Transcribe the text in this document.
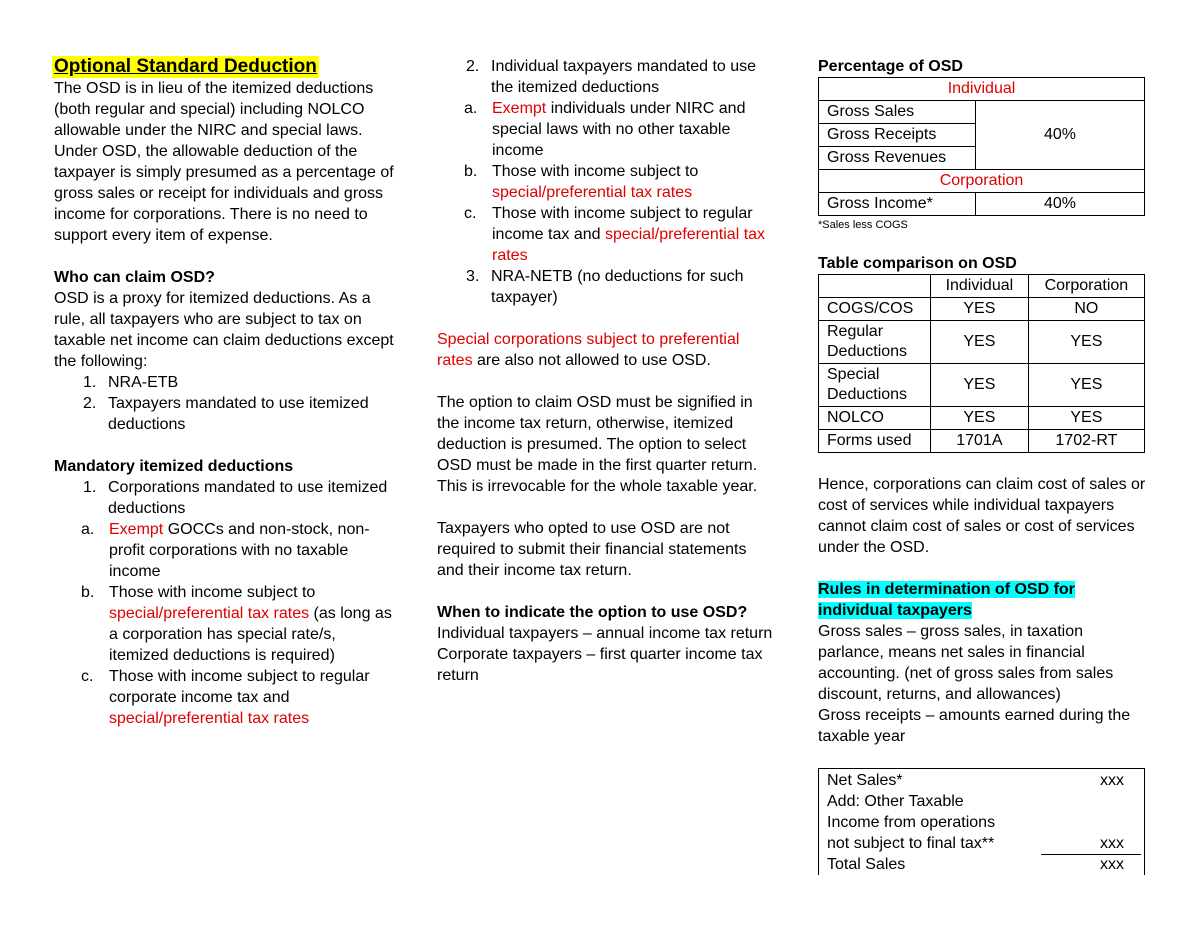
Optional Standard Deduction

The OSD is in lieu of the itemized deductions (both regular and special) including NOLCO allowable under the NIRC and special laws. Under OSD, the allowable deduction of the taxpayer is simply presumed as a percentage of gross sales or receipt for individuals and gross income for corporations. There is no need to support every item of expense.

Who can claim OSD?

OSD is a proxy for itemized deductions. As a rule, all taxpayers who are subject to tax on taxable net income can claim deductions except the following:

1. NRA-ETB
2. Taxpayers mandated to use itemized deductions

Mandatory itemized deductions

1. Corporations mandated to use itemized deductions
a. Exempt GOCCs and non-stock, non-profit corporations with no taxable income
b. Those with income subject to special/preferential tax rates (as long as a corporation has special rate/s, itemized deductions is required)
c. Those with income subject to regular corporate income tax and special/preferential tax rates
2. Individual taxpayers mandated to use the itemized deductions
a. Exempt individuals under NIRC and special laws with no other taxable income
b. Those with income subject to special/preferential tax rates
c. Those with income subject to regular income tax and special/preferential tax rates
3. NRA-NETB (no deductions for such taxpayer)

Special corporations subject to preferential rates are also not allowed to use OSD.

The option to claim OSD must be signified in the income tax return, otherwise, itemized deduction is presumed. The option to select OSD must be made in the first quarter return. This is irrevocable for the whole taxable year.

Taxpayers who opted to use OSD are not required to submit their financial statements and their income tax return.

When to indicate the option to use OSD?

Individual taxpayers – annual income tax return

Corporate taxpayers – first quarter income tax return

Percentage of OSD

Individual	
Gross Sales	40%
Gross Receipts	
Gross Revenues	
Corporation	
Gross Income*	40%

*Sales less COGS

Table comparison on OSD

	Individual	Corporation
COGS/COS	YES	NO
Regular Deductions	YES	YES
Special Deductions	YES	YES
NOLCO	YES	YES
Forms used	1701A	1702-RT

Hence, corporations can claim cost of sales or cost of services while individual taxpayers cannot claim cost of sales or cost of services under the OSD.

Rules in determination of OSD for individual taxpayers

Gross sales – gross sales, in taxation parlance, means net sales in financial accounting. (net of gross sales from sales discount, returns, and allowances)

Gross receipts – amounts earned during the taxable year

Net Sales*	xxx
Add: Other Taxable
Income from operations
not subject to final tax**	xxx
Total Sales	xxx
